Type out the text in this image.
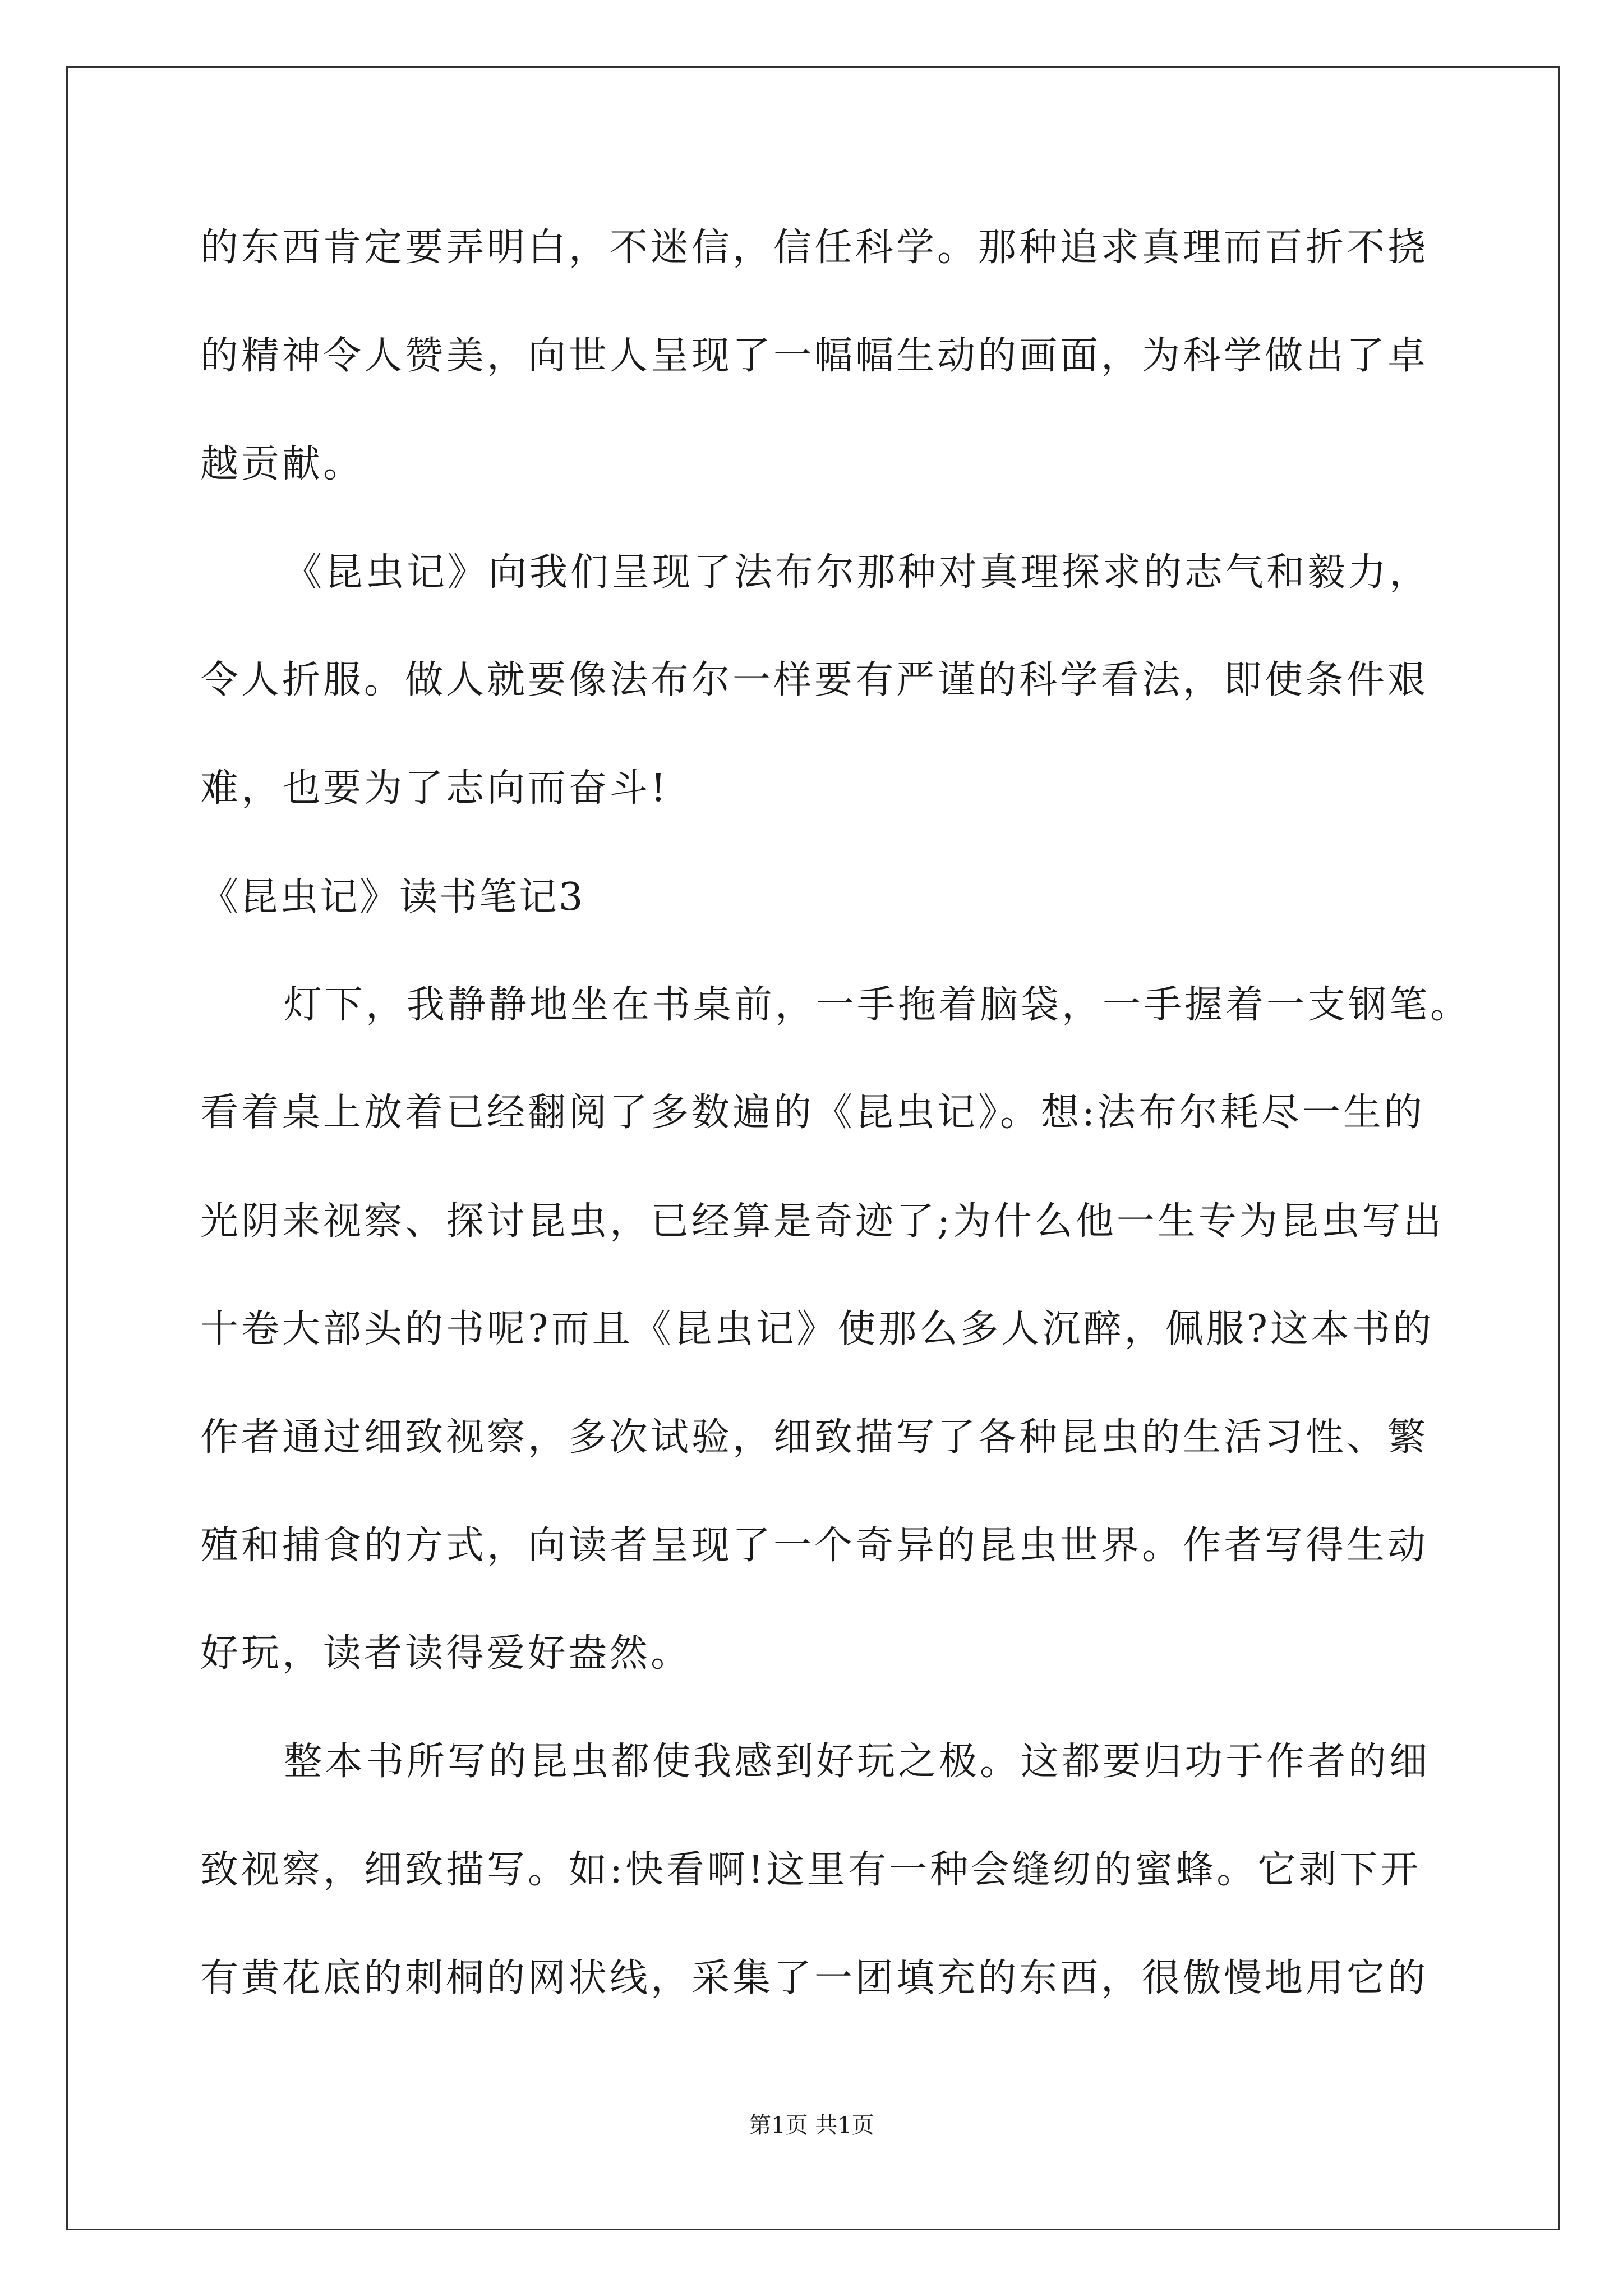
的东西肯定要弄明白，不迷信，信任科学。那种追求真理而百折不挠
的精神令人赞美，向世人呈现了一幅幅生动的画面，为科学做出了卓
越贡献。
《昆虫记》向我们呈现了法布尔那种对真理探求的志气和毅力，
令人折服。做人就要像法布尔一样要有严谨的科学看法，即使条件艰
难，也要为了志向而奋斗!
《昆虫记》读书笔记3
灯下，我静静地坐在书桌前，一手拖着脑袋，一手握着一支钢笔。
看着桌上放着已经翻阅了多数遍的《昆虫记》。想:法布尔耗尽一生的
光阴来视察、探讨昆虫，已经算是奇迹了;为什么他一生专为昆虫写出
十卷大部头的书呢?而且《昆虫记》使那么多人沉醉，佩服?这本书的
作者通过细致视察，多次试验，细致描写了各种昆虫的生活习性、繁
殖和捕食的方式，向读者呈现了一个奇异的昆虫世界。作者写得生动
好玩，读者读得爱好盎然。
整本书所写的昆虫都使我感到好玩之极。这都要归功于作者的细
致视察，细致描写。如:快看啊!这里有一种会缝纫的蜜蜂。它剥下开
有黄花底的刺桐的网状线，采集了一团填充的东西，很傲慢地用它的
第1页 共1页
